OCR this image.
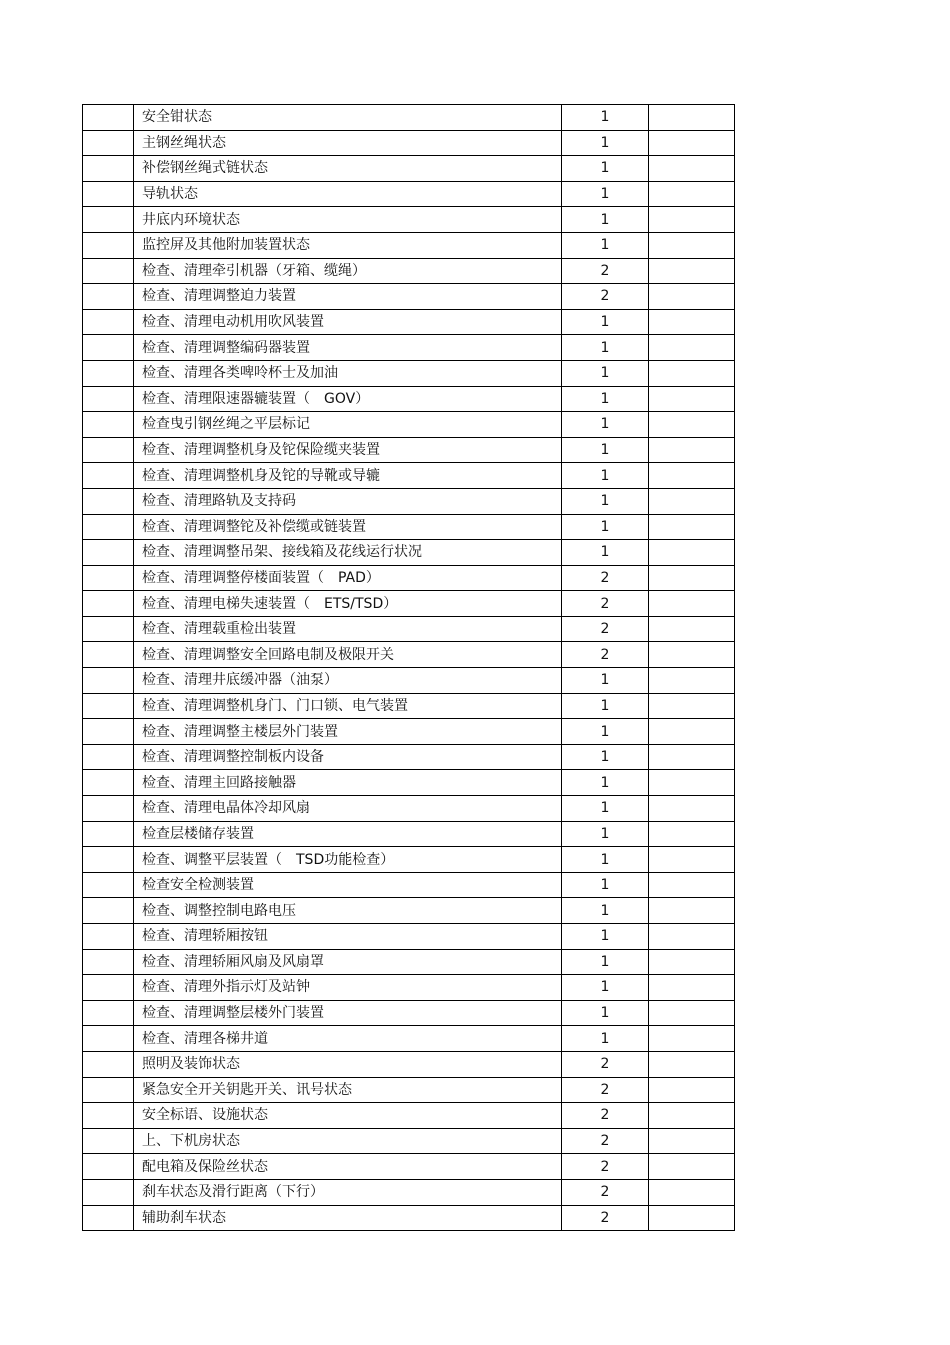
	安全钳状态	1	
	主钢丝绳状态	1	
	补偿钢丝绳式链状态	1	
	导轨状态	1	
	井底内环境状态	1	
	监控屏及其他附加装置状态	1	
	检查、清理牵引机器（牙箱、缆绳）	2	
	检查、清理调整迫力装置	2	
	检查、清理电动机用吹风装置	1	
	检查、清理调整编码器装置	1	
	检查、清理各类啤呤杯士及加油	1	
	检查、清理限速器辘装置（　GOV）	1	
	检查曳引钢丝绳之平层标记	1	
	检查、清理调整机身及铊保险缆夹装置	1	
	检查、清理调整机身及铊的导靴或导辘	1	
	检查、清理路轨及支持码	1	
	检查、清理调整铊及补偿缆或链装置	1	
	检查、清理调整吊架、接线箱及花线运行状况	1	
	检查、清理调整停楼面装置（　PAD）	2	
	检查、清理电梯失速装置（　ETS/TSD）	2	
	检查、清理载重检出装置	2	
	检查、清理调整安全回路电制及极限开关	2	
	检查、清理井底缓冲器（油泵）	1	
	检查、清理调整机身门、门口锁、电气装置	1	
	检查、清理调整主楼层外门装置	1	
	检查、清理调整控制板内设备	1	
	检查、清理主回路接触器	1	
	检查、清理电晶体冷却风扇	1	
	检查层楼储存装置	1	
	检查、调整平层装置（　TSD功能检查）	1	
	检查安全检测装置	1	
	检查、调整控制电路电压	1	
	检查、清理轿厢按钮	1	
	检查、清理轿厢风扇及风扇罩	1	
	检查、清理外指示灯及站钟	1	
	检查、清理调整层楼外门装置	1	
	检查、清理各梯井道	1	
	照明及装饰状态	2	
	紧急安全开关钥匙开关、讯号状态	2	
	安全标语、设施状态	2	
	上、下机房状态	2	
	配电箱及保险丝状态	2	
	刹车状态及滑行距离（下行）	2	
	辅助刹车状态	2	
